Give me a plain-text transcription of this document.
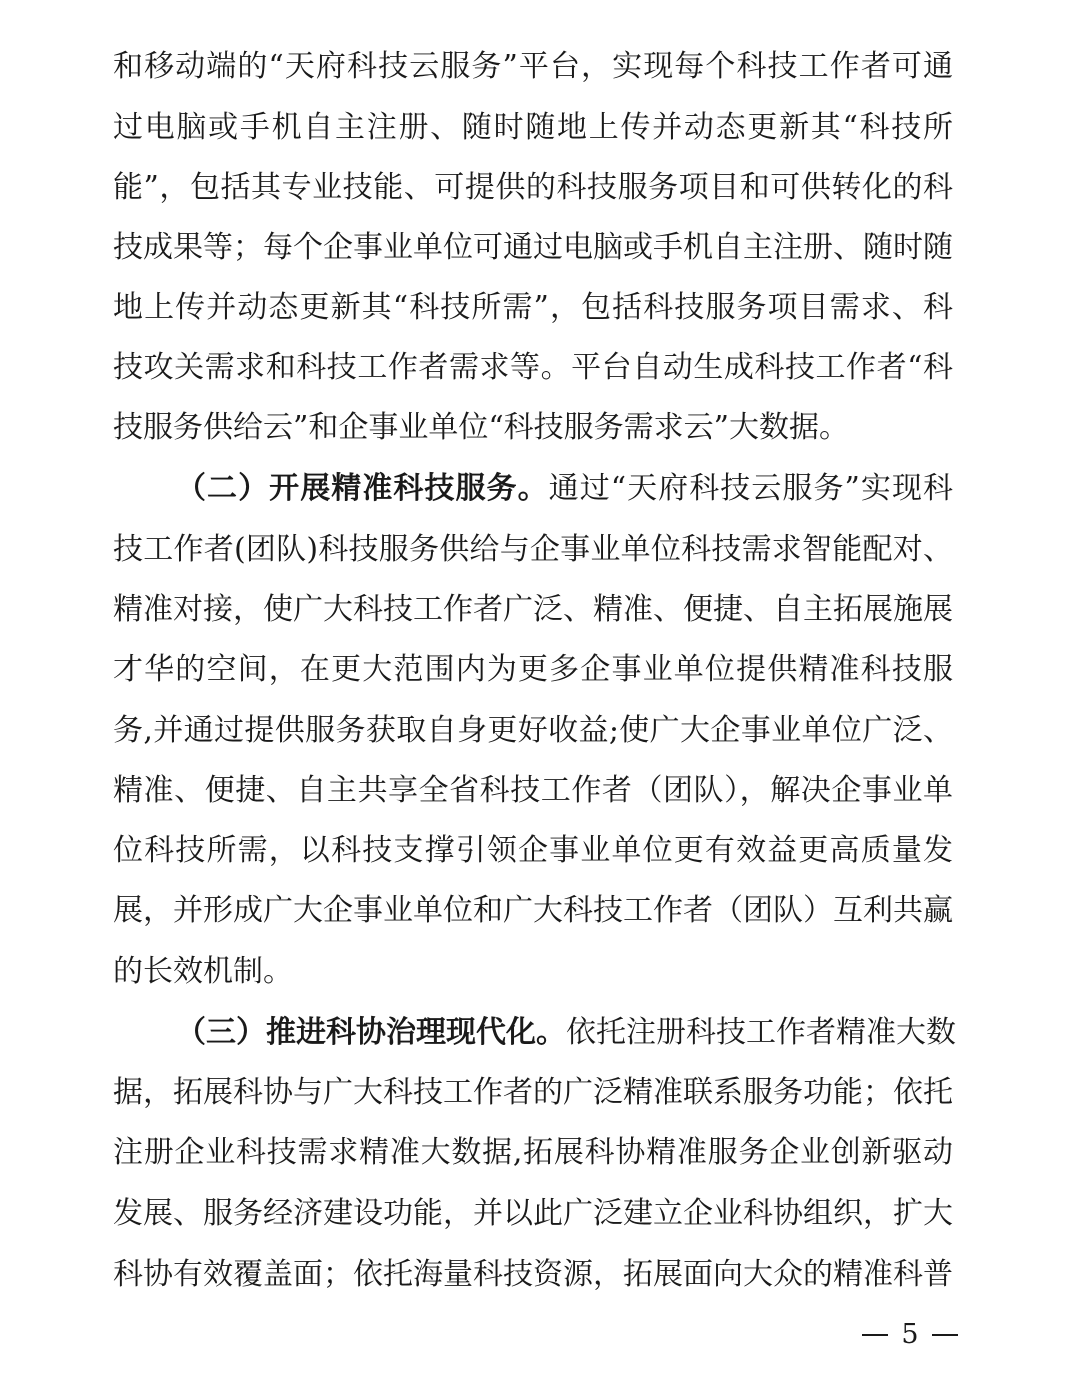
和移动端的“天府科技云服务”平台，实现每个科技工作者可通
过电脑或手机自主注册、随时随地上传并动态更新其“科技所
能”，包括其专业技能、可提供的科技服务项目和可供转化的科
技成果等；每个企事业单位可通过电脑或手机自主注册、随时随
地上传并动态更新其“科技所需”，包括科技服务项目需求、科
技攻关需求和科技工作者需求等。平台自动生成科技工作者“科
技服务供给云”和企事业单位“科技服务需求云”大数据。
（二）开展精准科技服务。通过“天府科技云服务”实现科
技工作者(团队)科技服务供给与企事业单位科技需求智能配对、
精准对接，使广大科技工作者广泛、精准、便捷、自主拓展施展
才华的空间，在更大范围内为更多企事业单位提供精准科技服
务,并通过提供服务获取自身更好收益;使广大企事业单位广泛、
精准、便捷、自主共享全省科技工作者（团队），解决企事业单
位科技所需，以科技支撑引领企事业单位更有效益更高质量发
展，并形成广大企事业单位和广大科技工作者（团队）互利共赢
的长效机制。
（三）推进科协治理现代化。依托注册科技工作者精准大数
据，拓展科协与广大科技工作者的广泛精准联系服务功能；依托
注册企业科技需求精准大数据,拓展科协精准服务企业创新驱动
发展、服务经济建设功能，并以此广泛建立企业科协组织，扩大
科协有效覆盖面；依托海量科技资源，拓展面向大众的精准科普
5
